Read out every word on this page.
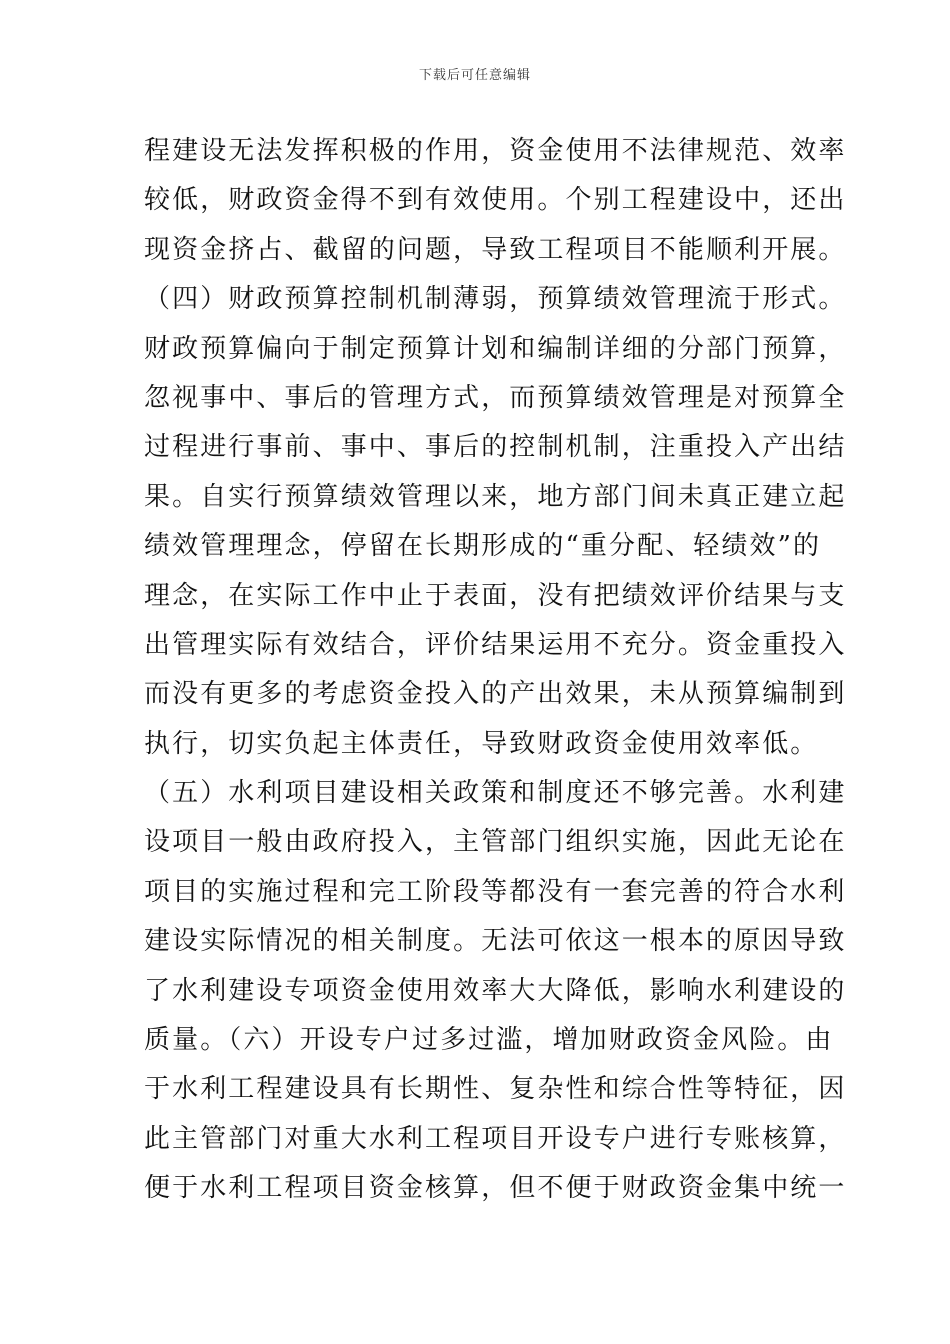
下载后可任意编辑
程建设无法发挥积极的作用，资金使用不法律规范、效率
较低，财政资金得不到有效使用。个别工程建设中，还出
现资金挤占、截留的问题，导致工程项目不能顺利开展。
（四）财政预算控制机制薄弱，预算绩效管理流于形式。
财政预算偏向于制定预算计划和编制详细的分部门预算，
忽视事中、事后的管理方式，而预算绩效管理是对预算全
过程进行事前、事中、事后的控制机制，注重投入产出结
果。自实行预算绩效管理以来，地方部门间未真正建立起
绩效管理理念，停留在长期形成的“重分配、轻绩效”的
理念，在实际工作中止于表面，没有把绩效评价结果与支
出管理实际有效结合，评价结果运用不充分。资金重投入
而没有更多的考虑资金投入的产出效果，未从预算编制到
执行，切实负起主体责任，导致财政资金使用效率低。
（五）水利项目建设相关政策和制度还不够完善。水利建
设项目一般由政府投入，主管部门组织实施，因此无论在
项目的实施过程和完工阶段等都没有一套完善的符合水利
建设实际情况的相关制度。无法可依这一根本的原因导致
了水利建设专项资金使用效率大大降低，影响水利建设的
质量。（六）开设专户过多过滥，增加财政资金风险。由
于水利工程建设具有长期性、复杂性和综合性等特征，因
此主管部门对重大水利工程项目开设专户进行专账核算，
便于水利工程项目资金核算，但不便于财政资金集中统一
